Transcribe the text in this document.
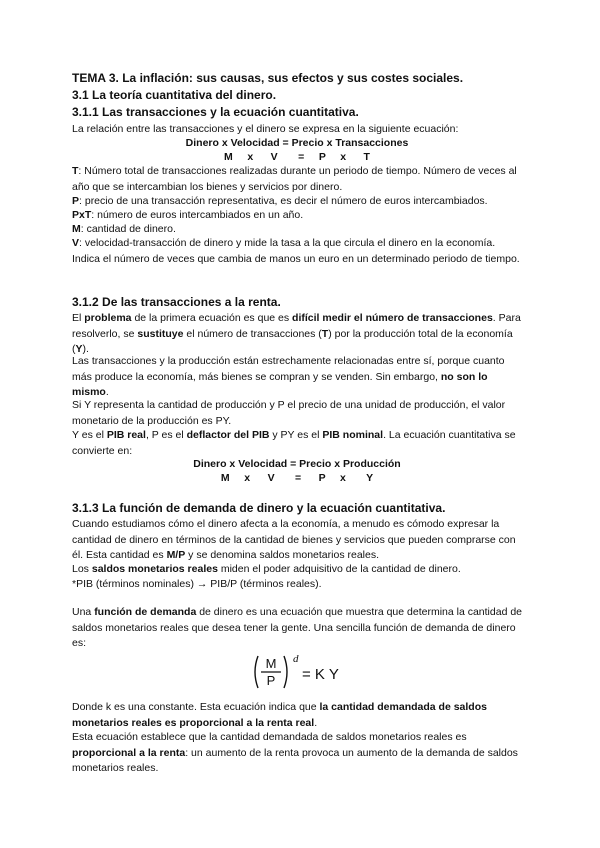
TEMA 3. La inflación: sus causas, sus efectos y sus costes sociales.
3.1 La teoría cuantitativa del dinero.
3.1.1 Las transacciones y la ecuación cuantitativa.

La relación entre las transacciones y el dinero se expresa en la siguiente ecuación:

Dinero x Velocidad = Precio x Transacciones

M     x      V       =     P     x      T

T: Número total de transacciones realizadas durante un periodo de tiempo. Número de veces al año que se intercambian los bienes y servicios por dinero.

P: precio de una transacción representativa, es decir el número de euros intercambiados.

PxT: número de euros intercambiados en un año.

M: cantidad de dinero.

V: velocidad-transacción de dinero y mide la tasa a la que circula el dinero en la economía. Indica el número de veces que cambia de manos un euro en un determinado periodo de tiempo.

3.1.2 De las transacciones a la renta.

El problema de la primera ecuación es que es difícil medir el número de transacciones. Para resolverlo, se sustituye el número de transacciones (T) por la producción total de la economía (Y).

Las transacciones y la producción están estrechamente relacionadas entre sí, porque cuanto más produce la economía, más bienes se compran y se venden. Sin embargo, no son lo mismo.

Si Y representa la cantidad de producción y P el precio de una unidad de producción, el valor monetario de la producción es PY.

Y es el PIB real, P es el deflactor del PIB y PY es el PIB nominal. La ecuación cuantitativa se convierte en:

Dinero x Velocidad = Precio x Producción

M     x      V       =      P     x       Y

3.1.3 La función de demanda de dinero y la ecuación cuantitativa.

Cuando estudiamos cómo el dinero afecta a la economía, a menudo es cómodo expresar la cantidad de dinero en términos de la cantidad de bienes y servicios que pueden comprarse con él. Esta cantidad es M/P y se denomina saldos monetarios reales.

Los saldos monetarios reales miden el poder adquisitivo de la cantidad de dinero.

*PIB (términos nominales) → PIB/P (términos reales).

Una función de demanda de dinero es una ecuación que muestra que determina la cantidad de saldos monetarios reales que desea tener la gente. Una sencilla función de demanda de dinero es:

M
P
d
= K Y

Donde k es una constante. Esta ecuación indica que la cantidad demandada de saldos monetarios reales es proporcional a la renta real.

Esta ecuación establece que la cantidad demandada de saldos monetarios reales es proporcional a la renta: un aumento de la renta provoca un aumento de la demanda de saldos monetarios reales.
